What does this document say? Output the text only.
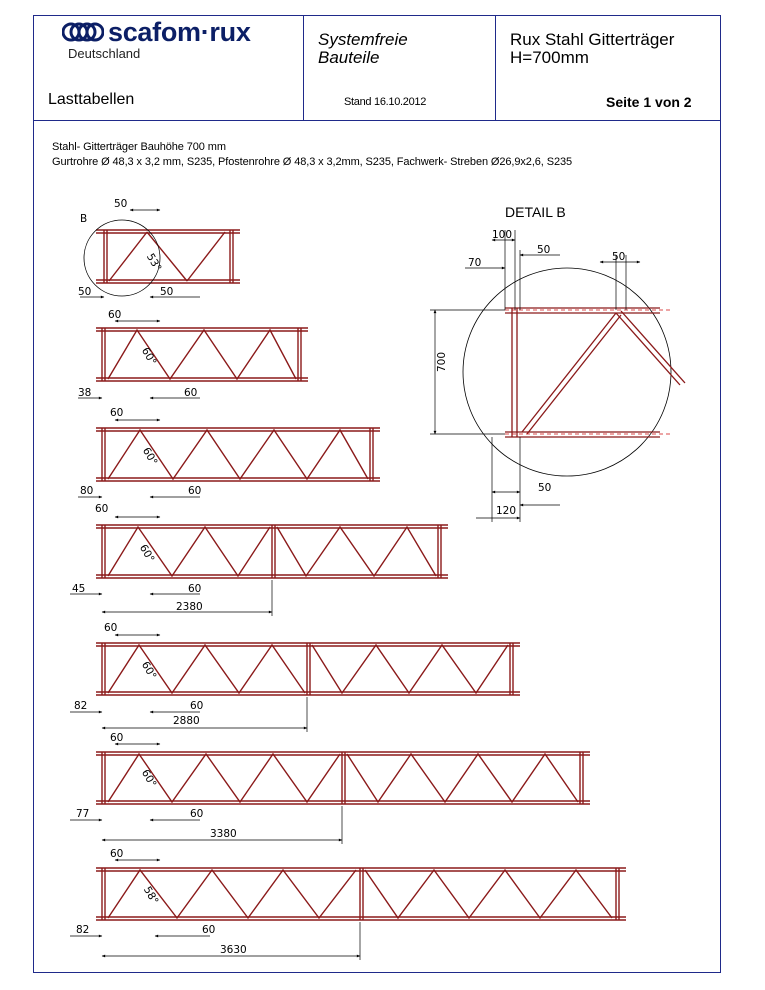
scafom·rux
Deutschland
Lasttabellen
Systemfreie
Bauteile
Stand 16.10.2012
Rux Stahl Gitterträger
H=700mm
Seite 1 von 2
Stahl- Gitterträger Bauhöhe 700 mm
Gurtrohre Ø 48,3 x 3,2 mm, S235, Pfostenrohre Ø 48,3 x 3,2mm, S235, Fachwerk- Streben Ø26,9x2,6, S235
B
50
50	50
53°
60
38	60
60°
60
80	60
60°
60
45	60
2380
60°
60
82	60
2880
60°
60
77	60
3380
60°
60
82	60
3630
58°
DETAIL B
100
50
70	50
700
50
120
